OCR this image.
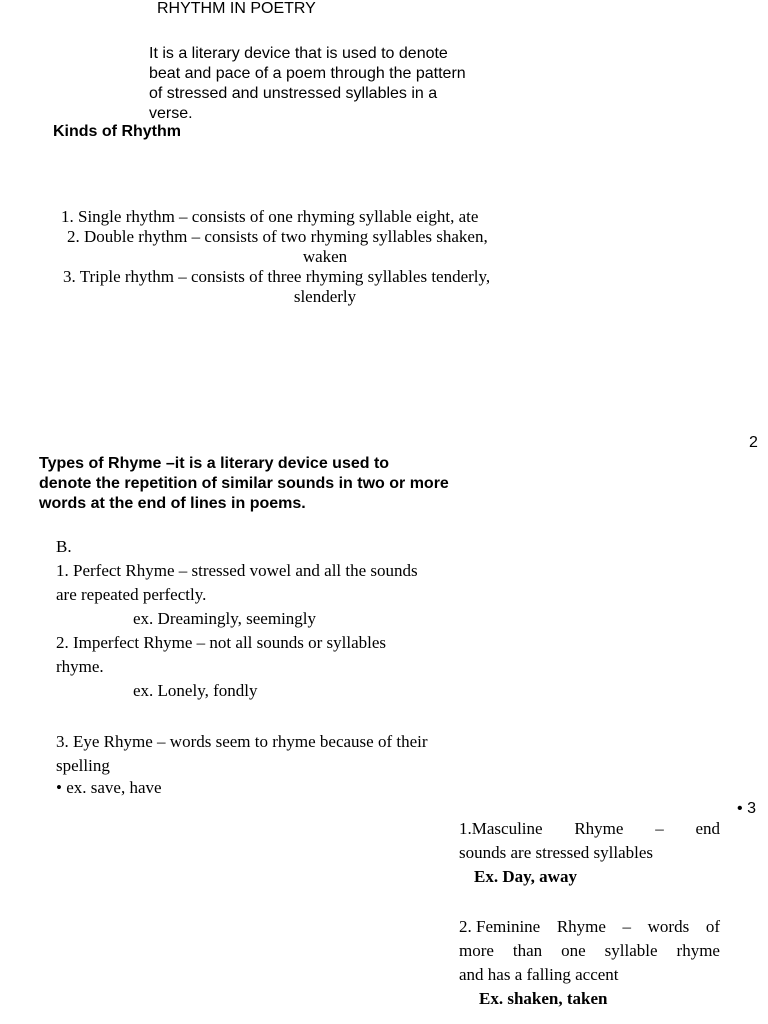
RHYTHM IN POETRY
It is a literary device that is used to denote
beat and pace of a poem through the pattern
of stressed and unstressed syllables in a
verse.
Kinds of Rhythm
1. Single rhythm – consists of one rhyming syllable eight, ate
2. Double rhythm – consists of two rhyming syllables shaken,
waken
3. Triple rhythm – consists of three rhyming syllables tenderly,
slenderly
2
Types of Rhyme –it is a literary device used to
denote the repetition of similar sounds in two or more
words at the end of lines in poems.
B.
1. Perfect Rhyme – stressed vowel and all the sounds
are repeated perfectly.
ex. Dreamingly, seemingly
2. Imperfect Rhyme – not all sounds or syllables
rhyme.
ex. Lonely, fondly
3. Eye Rhyme – words seem to rhyme because of their
spelling
• ex. save, have
• 3
1.Masculine Rhyme – end
sounds are stressed syllables
Ex. Day, away
2. Feminine Rhyme – words of
more than one syllable rhyme
and has a falling accent
Ex. shaken, taken
